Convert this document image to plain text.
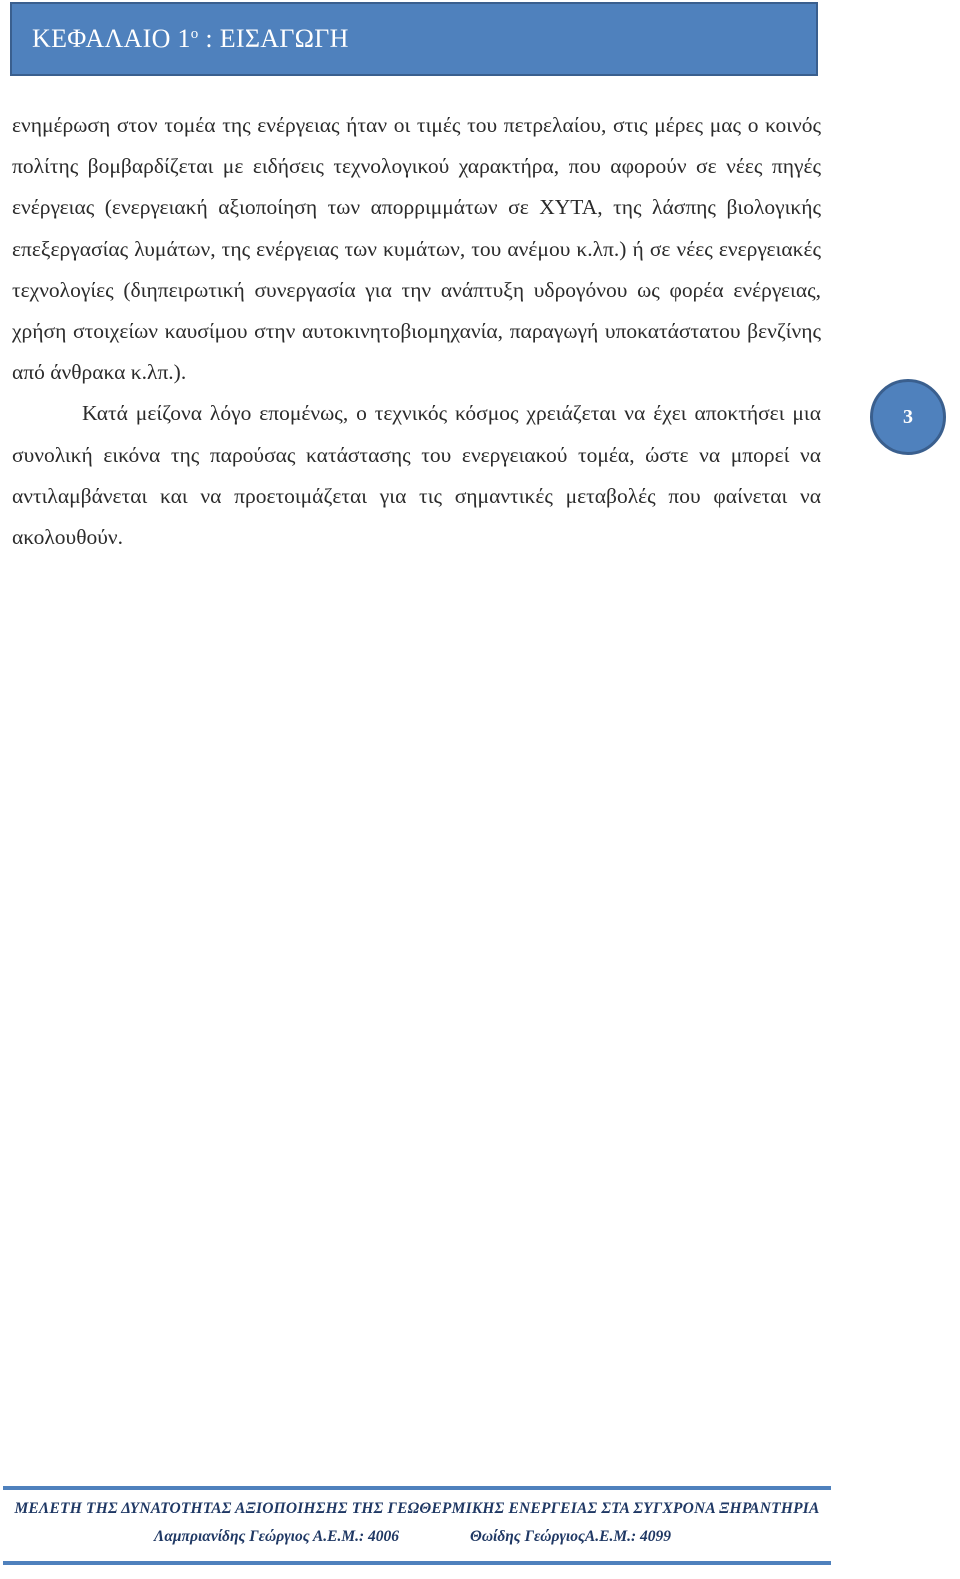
ΚΕΦΑΛΑΙΟ $1^o$ : ΕΙΣΑΓΩΓΗ

ενημέρωση στον τομέα της ενέργειας ήταν οι τιμές του πετρελαίου, στις μέρες μας ο κοινός πολίτης βομβαρδίζεται με ειδήσεις τεχνολογικού χαρακτήρα, που αφορούν σε νέες πηγές ενέργειας (ενεργειακή αξιοποίηση των απορριμμάτων σε ΧΥΤΑ, της λάσπης βιολογικής επεξεργασίας λυμάτων, της ενέργειας των κυμάτων, του ανέμου κ.λπ.) ή σε νέες ενεργειακές τεχνολογίες (διηπειρωτική συνεργασία για την ανάπτυξη υδρογόνου ως φορέα ενέργειας, χρήση στοιχείων καυσίμου στην αυτοκινητοβιομηχανία, παραγωγή υποκατάστατου βενζίνης από άνθρακα κ.λπ.).

Κατά μείζονα λόγο επομένως, ο τεχνικός κόσμος χρειάζεται να έχει αποκτήσει μια συνολική εικόνα της παρούσας κατάστασης του ενεργειακού τομέα, ώστε να μπορεί να αντιλαμβάνεται και να προετοιμάζεται για τις σημαντικές μεταβολές που φαίνεται να ακολουθούν.

3
ΜΕΛΕΤΗ ΤΗΣ ΔΥΝΑΤΟΤΗΤΑΣ ΑΞΙΟΠΟΙΗΣΗΣ ΤΗΣ ΓΕΩΘΕΡΜΙΚΗΣ ΕΝΕΡΓΕΙΑΣ ΣΤΑ ΣΥΓΧΡΟΝΑ ΞΗΡΑΝΤΗΡΙΑ
Λαμπριανίδης Γεώργιος Α.Ε.Μ.: 4006	Θωίδης ΓεώργιοςΑ.Ε.Μ.: 4099
